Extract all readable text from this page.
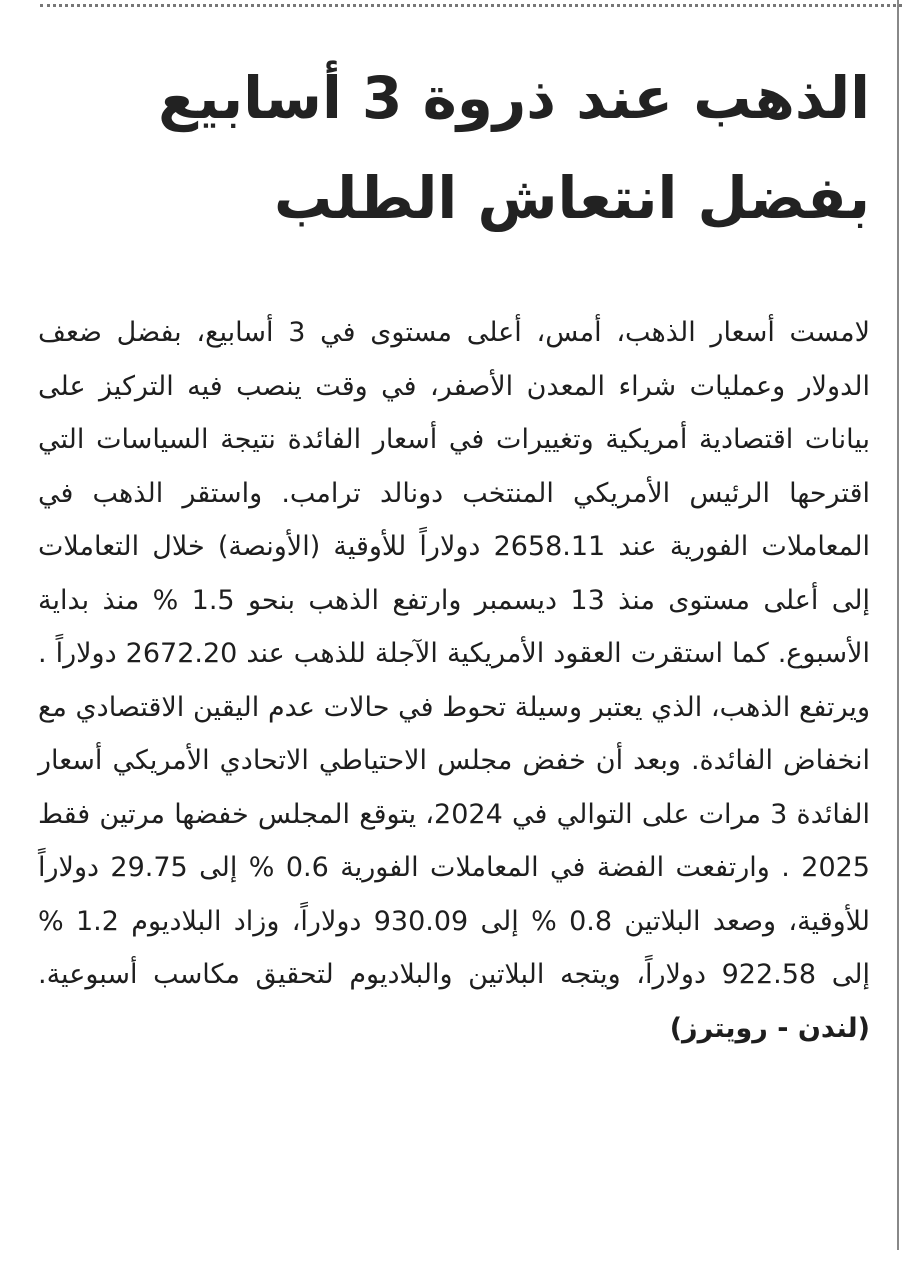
الذهب عند ذروة 3 أسابيع
بفضل انتعاش الطلب

لامست أسعار الذهب، أمس، أعلى مستوى في 3 أسابيع، بفضل ضعف الدولار وعمليات شراء المعدن الأصفر، في وقت ينصب فيه التركيز على بيانات اقتصادية أمريكية وتغييرات في أسعار الفائدة نتيجة السياسات التي اقترحها الرئيس الأمريكي المنتخب دونالد ترامب. واستقر الذهب في المعاملات الفورية عند 2658.11 دولاراً للأوقية (الأونصة) خلال التعاملات إلى أعلى مستوى منذ 13 ديسمبر وارتفع الذهب بنحو 1.5 % منذ بداية الأسبوع. كما استقرت العقود الأمريكية الآجلة للذهب عند 2672.20 دولاراً . ويرتفع الذهب، الذي يعتبر وسيلة تحوط في حالات عدم اليقين الاقتصادي مع انخفاض الفائدة. وبعد أن خفض مجلس الاحتياطي الاتحادي الأمريكي أسعار الفائدة 3 مرات على التوالي في 2024، يتوقع المجلس خفضها مرتين فقط 2025 . وارتفعت الفضة في المعاملات الفورية 0.6 % إلى 29.75 دولاراً للأوقية، وصعد البلاتين 0.8 % إلى 930.09 دولاراً، وزاد البلاديوم 1.2 % إلى 922.58 دولاراً، ويتجه البلاتين والبلاديوم لتحقيق مكاسب أسبوعية. (لندن - رويترز)
